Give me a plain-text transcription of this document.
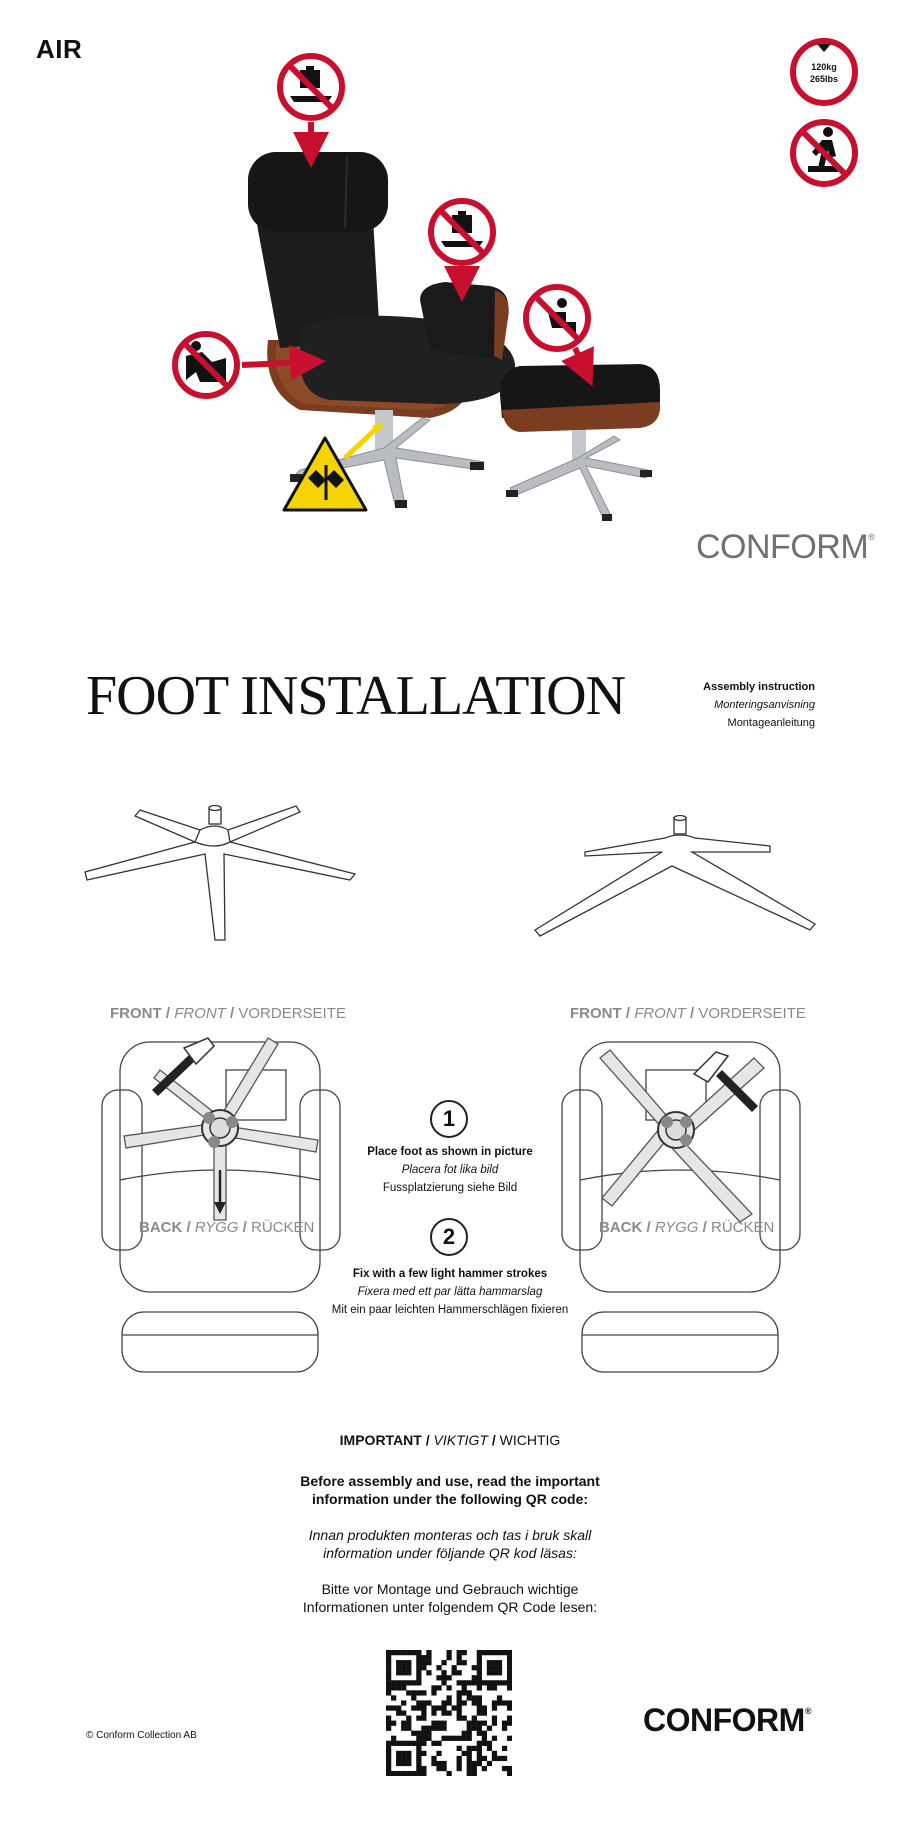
AIR
120kg
265lbs
CONFORM®
FOOT INSTALLATION	Assembly instruction
Monteringsanvisning
Montageanleitung
FRONT / FRONT / VORDERSEITE	FRONT / FRONT / VORDERSEITE
BACK / RYGG / RÜCKEN	BACK / RYGG / RÜCKEN
1
Place foot as shown in picture
Placera fot lika bild
Fussplatzierung siehe Bild
2
Fix with a few light hammer strokes
Fixera med ett par lätta hammarslag
Mit ein paar leichten Hammerschlägen fixieren
IMPORTANT / VIKTIGT / WICHTIG
Before assembly and use, read the important
information under the following QR code:
Innan produkten monteras och tas i bruk skall
information under följande QR kod läsas:
Bitte vor Montage und Gebrauch wichtige
Informationen unter folgendem QR Code lesen:
© Conform Collection AB	CONFORM®
